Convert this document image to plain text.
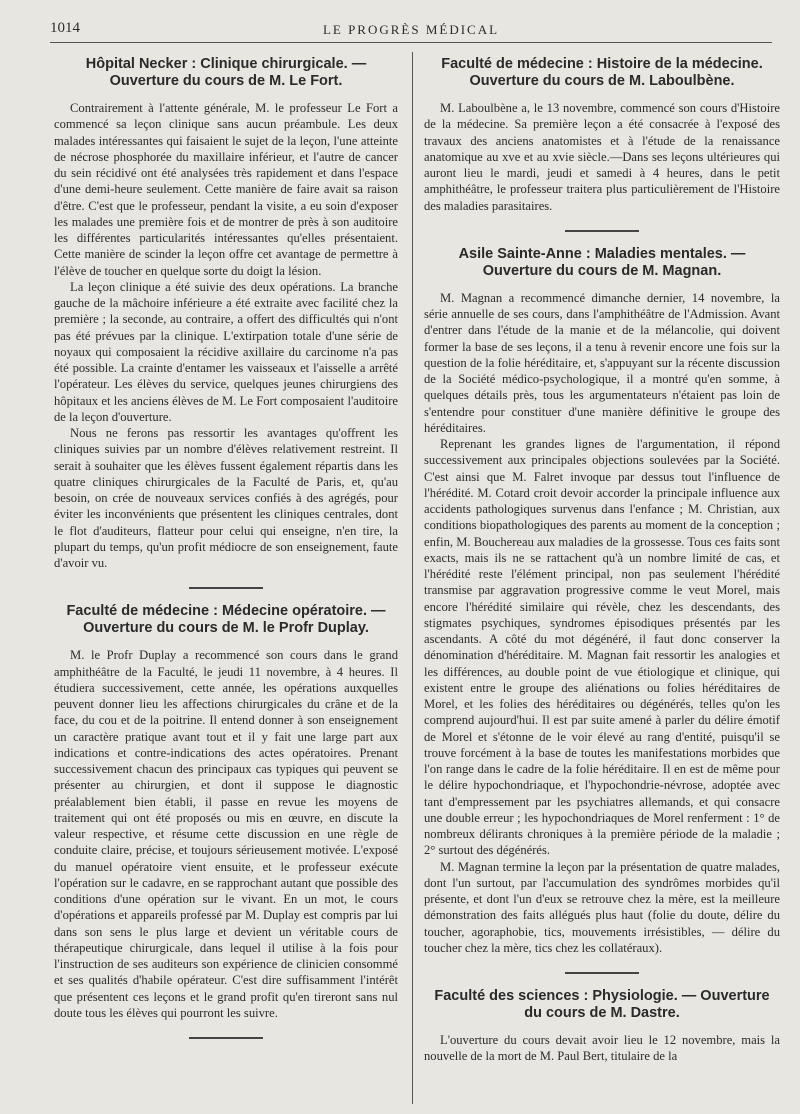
1014	LE PROGRÈS MÉDICAL
Hôpital Necker : Clinique chirurgicale. — Ouverture du cours de M. Le Fort.

Contrairement à l'attente générale, M. le professeur Le Fort a commencé sa leçon clinique sans aucun préambule. Les deux malades intéressantes qui faisaient le sujet de la leçon, l'une atteinte de nécrose phosphorée du maxillaire inférieur, et l'autre de cancer du sein récidivé ont été analysées très rapidement et dans l'espace d'une demi-heure seulement. Cette manière de faire avait sa raison d'être. C'est que le professeur, pendant la visite, a eu soin d'exposer les malades une première fois et de montrer de près à son auditoire les différentes particularités intéressantes qu'elles présentaient. Cette manière de scinder la leçon offre cet avantage de permettre à l'élève de toucher en quelque sorte du doigt la lésion.

La leçon clinique a été suivie des deux opérations. La branche gauche de la mâchoire inférieure a été extraite avec facilité chez la première ; la seconde, au contraire, a offert des difficultés qui n'ont pas été prévues par la clinique. L'extirpation totale d'une série de noyaux qui composaient la récidive axillaire du carcinome n'a pas été possible. La crainte d'entamer les vaisseaux et l'aisselle a arrêté l'opérateur. Les élèves du service, quelques jeunes chirurgiens des hôpitaux et les anciens élèves de M. Le Fort composaient l'auditoire de la leçon d'ouverture.

Nous ne ferons pas ressortir les avantages qu'offrent les cliniques suivies par un nombre d'élèves relativement restreint. Il serait à souhaiter que les élèves fussent également répartis dans les quatre cliniques chirurgicales de la Faculté de Paris, et, qu'au besoin, on crée de nouveaux services confiés à des agrégés, pour éviter les inconvénients que présentent les cliniques centrales, dont le flot d'auditeurs, flatteur pour celui qui enseigne, n'en tire, la plupart du temps, qu'un profit médiocre de son enseignement, faute d'avoir vu.

Faculté de médecine : Médecine opératoire. — Ouverture du cours de M. le Profr Duplay.

M. le Profr Duplay a recommencé son cours dans le grand amphithéâtre de la Faculté, le jeudi 11 novembre, à 4 heures. Il étudiera successivement, cette année, les opérations auxquelles peuvent donner lieu les affections chirurgicales du crâne et de la face, du cou et de la poitrine. Il entend donner à son enseignement un caractère pratique avant tout et il y fait une large part aux indications et contre-indications des actes opératoires. Prenant successivement chacun des principaux cas typiques qui peuvent se présenter au chirurgien, et dont il suppose le diagnostic préalablement bien établi, il passe en revue les moyens de traitement qui ont été proposés ou mis en œuvre, en discute la valeur respective, et résume cette discussion en une règle de conduite claire, précise, et toujours sérieusement motivée. L'exposé du manuel opératoire vient ensuite, et le professeur exécute l'opération sur le cadavre, en se rapprochant autant que possible des conditions d'une opération sur le vivant. En un mot, le cours d'opérations et appareils professé par M. Duplay est compris par lui dans son sens le plus large et devient un véritable cours de thérapeutique chirurgicale, dans lequel il utilise à la fois pour l'instruction de ses auditeurs son expérience de clinicien consommé et ses qualités d'habile opérateur. C'est dire suffisamment l'intérêt que présentent ces leçons et le grand profit qu'en tireront sans nul doute tous les élèves qui pourront les suivre.

Faculté de médecine : Histoire de la médecine. Ouverture du cours de M. Laboulbène.

M. Laboulbène a, le 13 novembre, commencé son cours d'Histoire de la médecine. Sa première leçon a été consacrée à l'exposé des travaux des anciens anatomistes et à l'étude de la renaissance anatomique au xve et au xvie siècle.—Dans ses leçons ultérieures qui auront lieu le mardi, jeudi et samedi à 4 heures, dans le petit amphithéâtre, le professeur traitera plus particulièrement de l'Histoire des maladies parasitaires.

Asile Sainte-Anne : Maladies mentales. — Ouverture du cours de M. Magnan.

M. Magnan a recommencé dimanche dernier, 14 novembre, la série annuelle de ses cours, dans l'amphithéâtre de l'Admission. Avant d'entrer dans l'étude de la manie et de la mélancolie, qui doivent former la base de ses leçons, il a tenu à revenir encore une fois sur la question de la folie héréditaire, et, s'appuyant sur la récente discussion de la Société médico-psychologique, il a montré qu'en somme, à quelques détails près, tous les argumentateurs n'étaient pas loin de s'entendre pour constituer d'une manière définitive le groupe des héréditaires.

Reprenant les grandes lignes de l'argumentation, il répond successivement aux principales objections soulevées par la Société. C'est ainsi que M. Falret invoque par dessus tout l'influence de l'hérédité. M. Cotard croit devoir accorder la principale influence aux accidents pathologiques survenus dans l'enfance ; M. Christian, aux conditions biopathologiques des parents au moment de la conception ; enfin, M. Bouchereau aux maladies de la grossesse. Tous ces faits sont exacts, mais ils ne se rattachent qu'à un nombre limité de cas, et l'hérédité reste l'élément principal, non pas seulement l'hérédité transmise par aggravation progressive comme le veut Morel, mais encore l'hérédité similaire qui révèle, chez les descendants, des stigmates psychiques, syndromes épisodiques présentés par les ascendants. A côté du mot dégénéré, il faut donc conserver la dénomination d'héréditaire. M. Magnan fait ressortir les analogies et les différences, au double point de vue étiologique et clinique, qui existent entre le groupe des aliénations ou folies héréditaires de Morel, et les folies des héréditaires ou dégénérés, telles qu'on les comprend aujourd'hui. Il est par suite amené à parler du délire émotif de Morel et s'étonne de le voir élevé au rang d'entité, puisqu'il se trouve forcément à la base de toutes les manifestations morbides que l'on range dans le cadre de la folie héréditaire. Il en est de même pour le délire hypochondriaque, et l'hypochondrie-névrose, adoptée avec tant d'empressement par les psychiatres allemands, et qui consacre une double erreur ; les hypochondriaques de Morel renferment : 1° de nombreux délirants chroniques à la première période de la maladie ; 2° surtout des dégénérés.

M. Magnan termine la leçon par la présentation de quatre malades, dont l'un surtout, par l'accumulation des syndrômes morbides qu'il présente, et dont l'un d'eux se retrouve chez la mère, est la meilleure démonstration des faits allégués plus haut (folie du doute, délire du toucher, agoraphobie, tics, mouvements irrésistibles, — délire du toucher chez la mère, tics chez les collatéraux).

Faculté des sciences : Physiologie. — Ouverture du cours de M. Dastre.

L'ouverture du cours devait avoir lieu le 12 novembre, mais la nouvelle de la mort de M. Paul Bert, titulaire de la
